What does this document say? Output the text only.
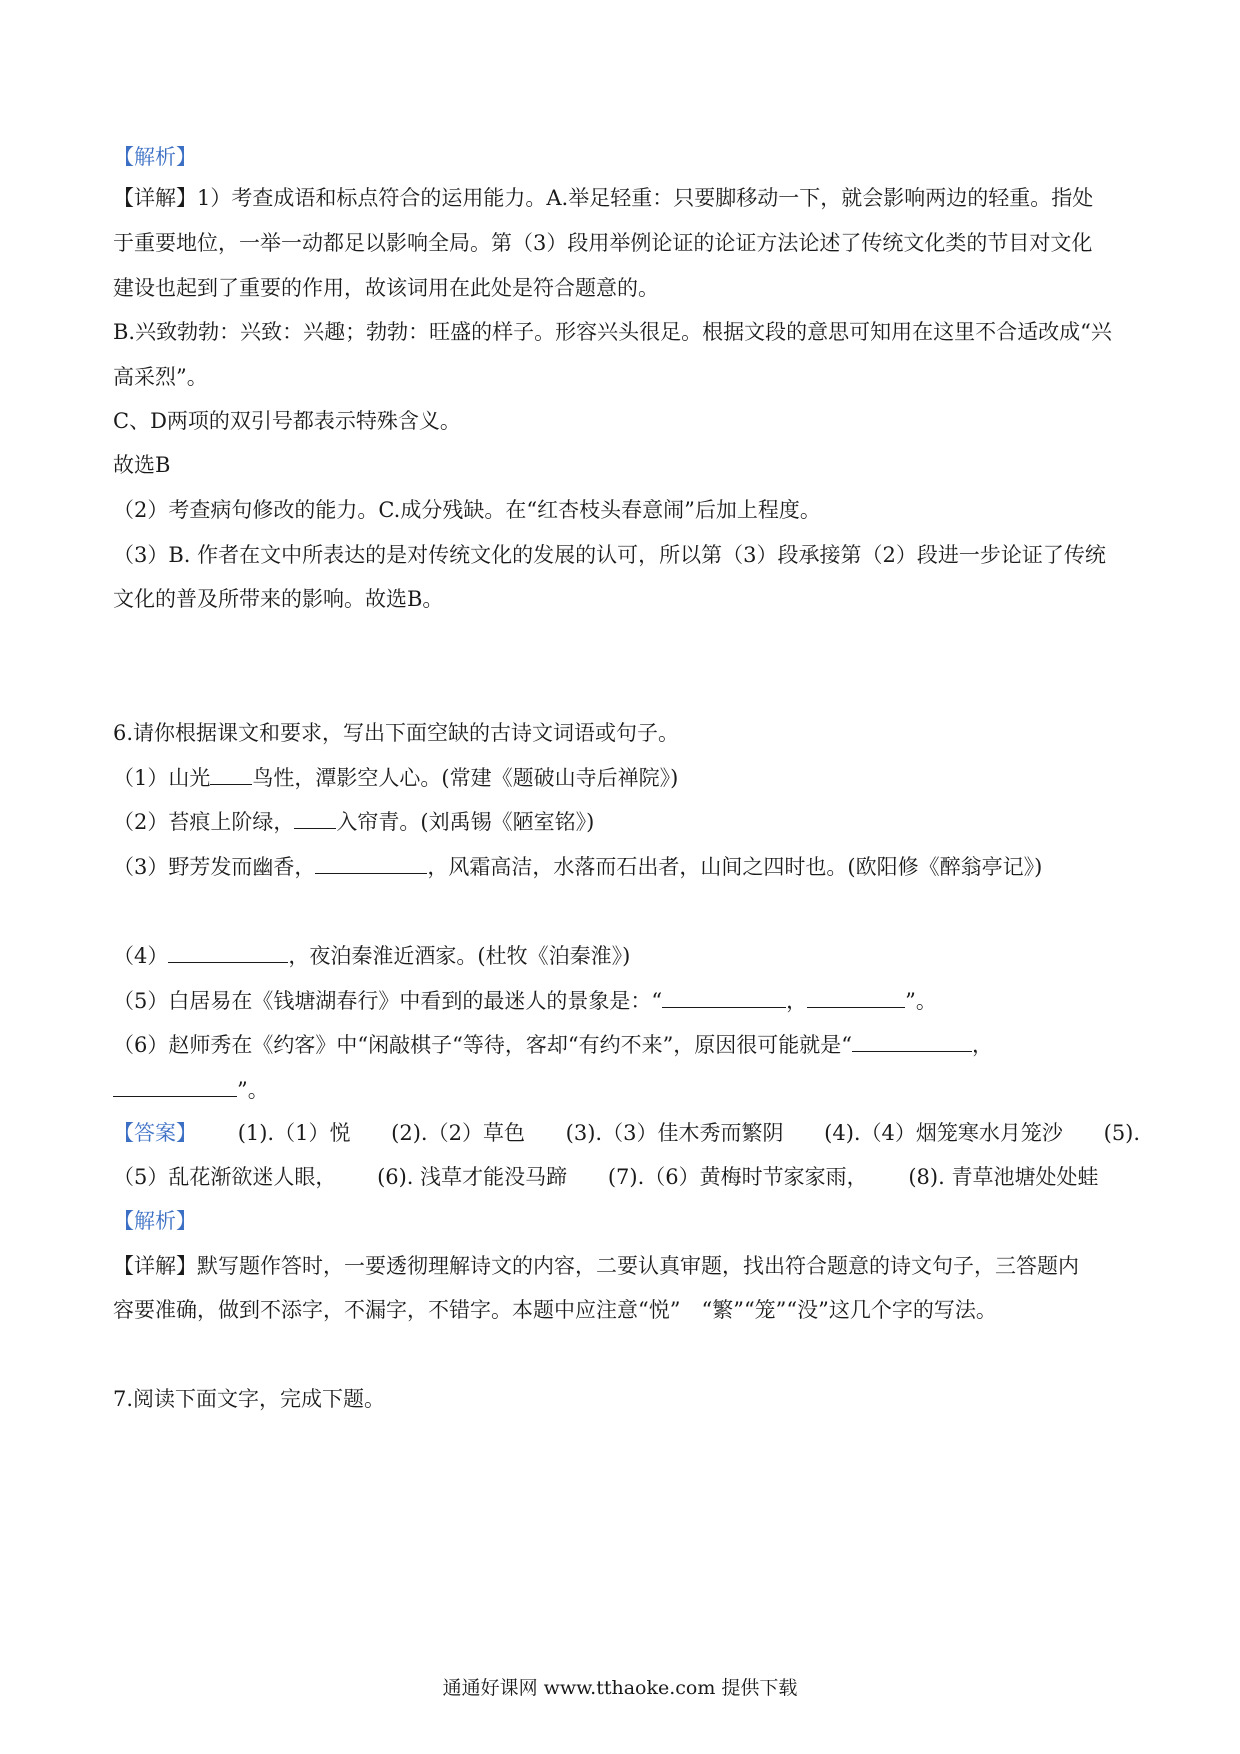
【解析】
【详解】1）考查成语和标点符合的运用能力。A.举足轻重：只要脚移动一下，就会影响两边的轻重。指处
于重要地位，一举一动都足以影响全局。第（3）段用举例论证的论证方法论述了传统文化类的节目对文化
建设也起到了重要的作用，故该词用在此处是符合题意的。
B.兴致勃勃：兴致：兴趣；勃勃：旺盛的样子。形容兴头很足。根据文段的意思可知用在这里不合适改成“兴
高采烈”。
C、D两项的双引号都表示特殊含义。
故选B
（2）考查病句修改的能力。C.成分残缺。在“红杏枝头春意闹”后加上程度。
（3）B. 作者在文中所表达的是对传统文化的发展的认可，所以第（3）段承接第（2）段进一步论证了传统
文化的普及所带来的影响。故选B。
6.请你根据课文和要求，写出下面空缺的古诗文词语或句子。
（1）山光 鸟性，潭影空人心。(常建《题破山寺后禅院》)
（2）苔痕上阶绿， 入帘青。(刘禹锡《陋室铭》)
（3）野芳发而幽香，	，风霜高洁，水落而石出者，山间之四时也。(欧阳修《醉翁亭记》)
（4）	，夜泊秦淮近酒家。(杜牧《泊秦淮》)
（5）白居易在《钱塘湖春行》中看到的最迷人的景象是：“	，	”。
（6）赵师秀在《约客》中“闲敲棋子“等待，客却“有约不来”，原因很可能就是“	，
”。
【答案】 (1).（1）悦 (2).（2）草色 (3).（3）佳木秀而繁阴 (4).（4）烟笼寒水月笼沙 (5).
（5）乱花渐欲迷人眼， (6). 浅草才能没马蹄 (7).（6）黄梅时节家家雨， (8). 青草池塘处处蛙
【解析】
【详解】默写题作答时，一要透彻理解诗文的内容，二要认真审题，找出符合题意的诗文句子，三答题内
容要准确，做到不添字，不漏字，不错字。本题中应注意“悦”　“繁”“笼”“没”这几个字的写法。
7.阅读下面文字，完成下题。
通通好课网 www.tthaoke.com 提供下载
